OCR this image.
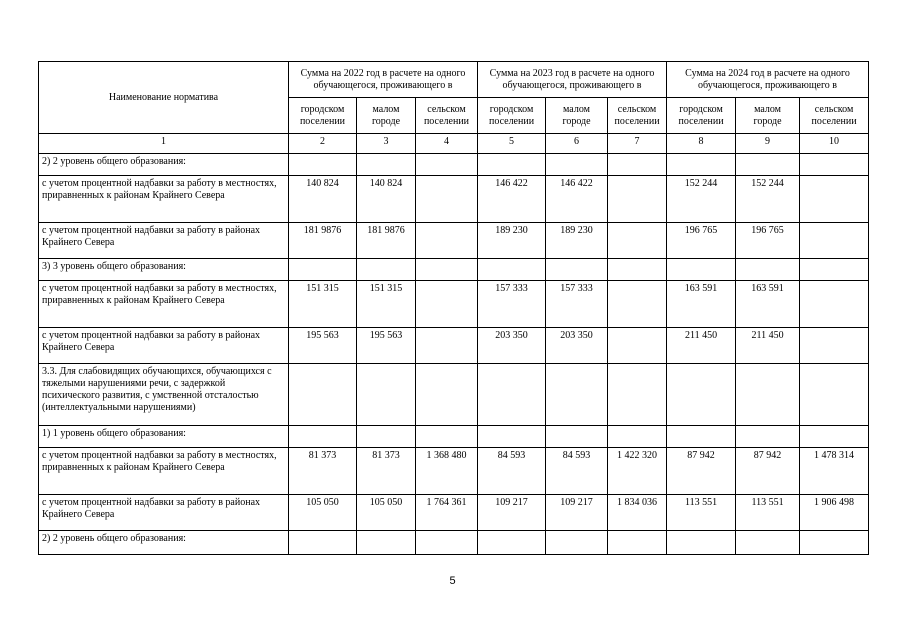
Наименование норматива	Сумма на 2022 год в расчете на одного обучающегося, проживающего в			Сумма на 2023 год в расчете на одного обучающегося, проживающего в			Сумма на 2024 год в расчете на одного обучающегося, проживающего в		
	городском поселении	малом городе	сельском поселении	городском поселении	малом городе	сельском поселении	городском поселении	малом городе	сельском поселении
1	2	3	4	5	6	7	8	9	10
2) 2 уровень общего образования:									
с учетом процентной надбавки за работу в местностях, приравненных к районам Крайнего Севера	140 824	140 824		146 422	146 422		152 244	152 244	
с учетом процентной надбавки за работу в районах Крайнего Севера	181 9876	181 9876		189 230	189 230		196 765	196 765	
3) 3 уровень общего образования:									
с учетом процентной надбавки за работу в местностях, приравненных к районам Крайнего Севера	151 315	151 315		157 333	157 333		163 591	163 591	
с учетом процентной надбавки за работу в районах Крайнего Севера	195 563	195 563		203 350	203 350		211 450	211 450	
3.3. Для слабовидящих обучающихся, обучающихся с тяжелыми нарушениями речи, с задержкой психического развития, с умственной отсталостью (интеллектуальными нарушениями)									
1) 1 уровень общего образования:									
с учетом процентной надбавки за работу в местностях, приравненных к районам Крайнего Севера	81 373	81 373	1 368 480	84 593	84 593	1 422 320	87 942	87 942	1 478 314
с учетом процентной надбавки за работу в районах Крайнего Севера	105 050	105 050	1 764 361	109 217	109 217	1 834 036	113 551	113 551	1 906 498
2) 2 уровень общего образования:									
5
